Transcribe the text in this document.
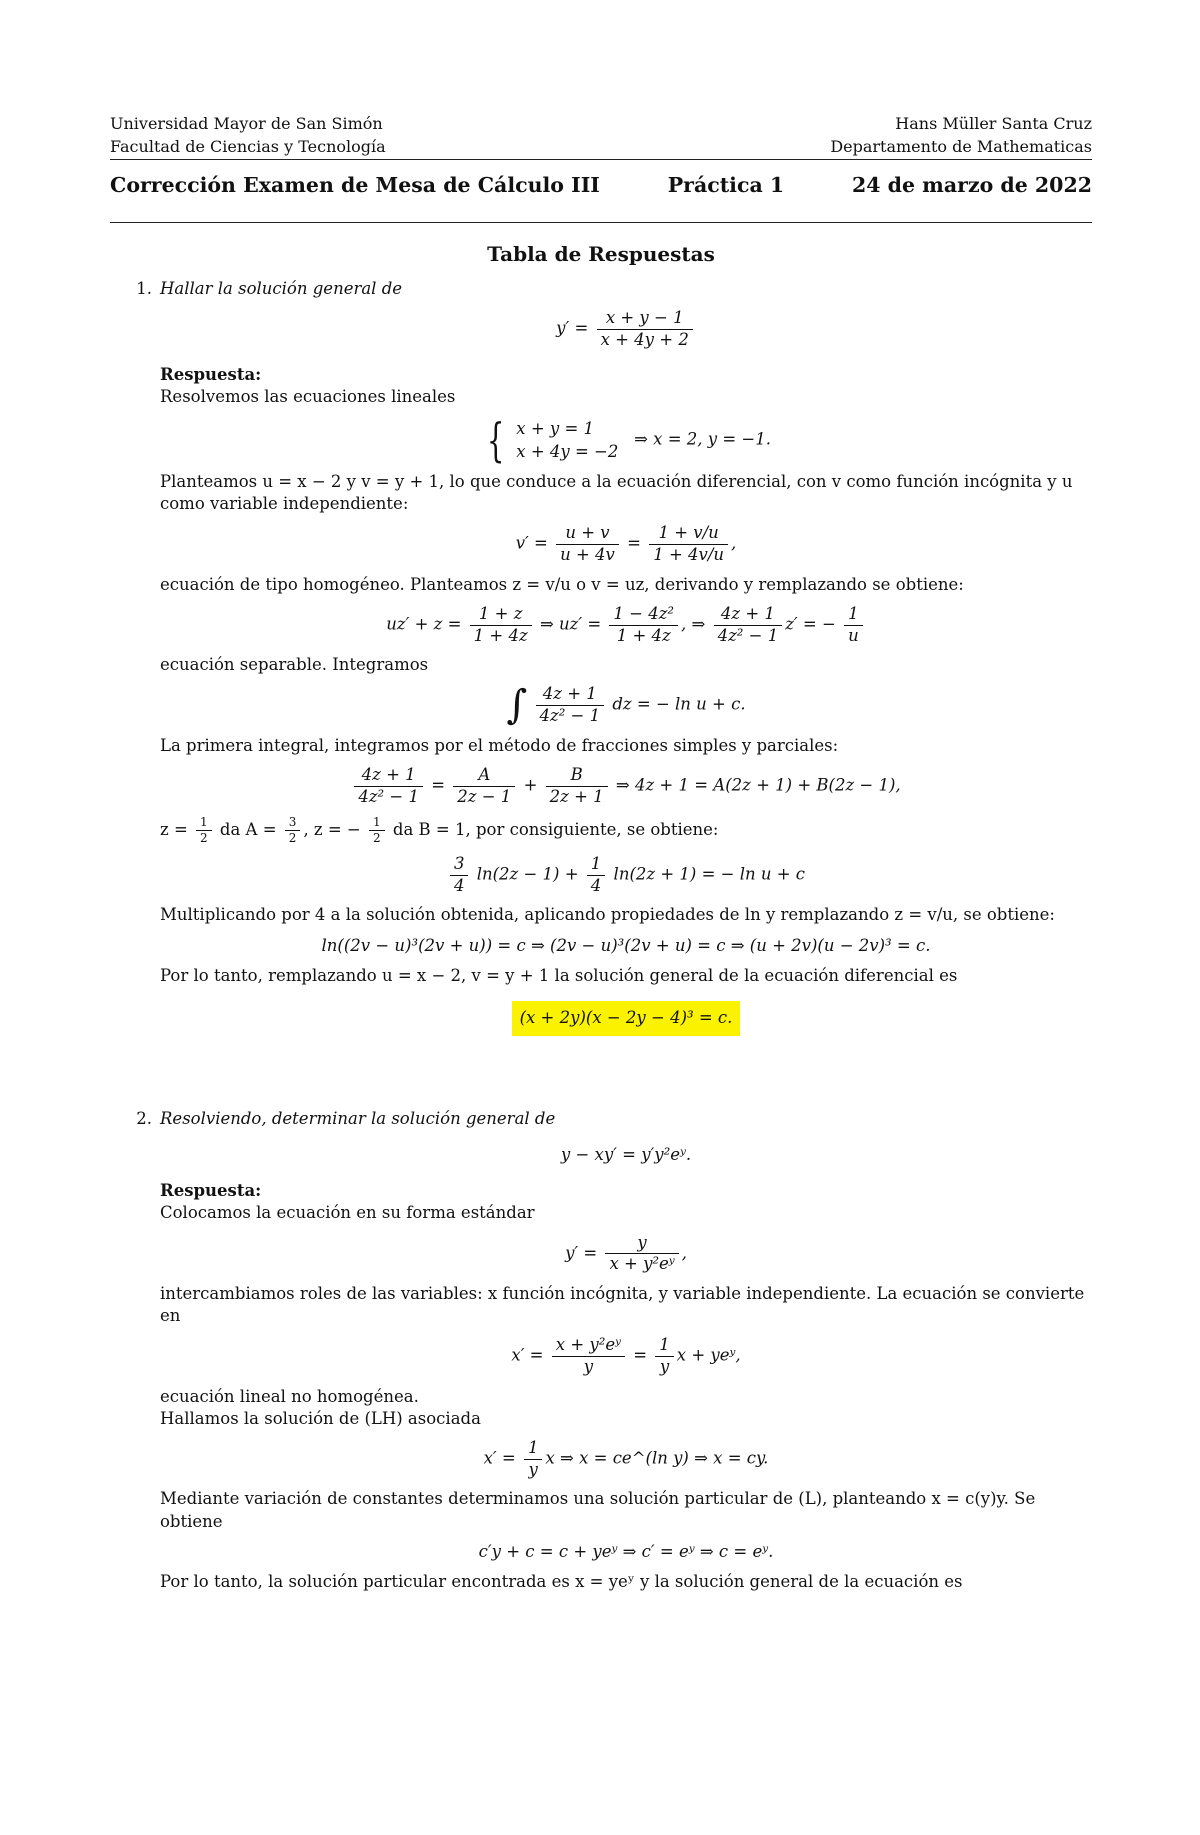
Universidad Mayor de San Simón
Facultad de Ciencias y Tecnología
Hans Müller Santa Cruz
Departamento de Mathematicas
Corrección Examen de Mesa de Cálculo III	Práctica 1	24 de marzo de 2022
Tabla de Respuestas
1. Hallar la solución general de
$y' = \frac{x + y - 1}{x + 4y + 2}$
Respuesta:

Resolvemos las ecuaciones lineales

{ x + y = 1
x + 4y = −2
⇒ x = 2, y = −1.

Planteamos u = x − 2 y v = y + 1, lo que conduce a la ecuación diferencial, con v como función incógnita y u como variable independiente:

$v' = \frac{u + v}{u + 4v} = \frac{1 + v/u}{1 + 4v/u}$ ,

ecuación de tipo homogéneo. Planteamos z = v/u o v = uz, derivando y remplazando se obtiene:

$uz' + z = \frac{1 + z}{1 + 4z}$ ⇒ $uz' = \frac{\text{1 − 4z²}}{1 + 4z}$ , ⇒ $\frac{4z + 1}{\text{4z² − 1}} z'$ = − $\frac{1}{u}$

ecuación separable. Integramos

∫ $\frac{4z + 1}{\text{4z² − 1}}$ dz = − ln u + c.

La primera integral, integramos por el método de fracciones simples y parciales:

$\frac{4z + 1}{\text{4z² − 1}} = \frac{A}{2z - 1} + \frac{B}{2z + 1}$ ⇒ 4z + 1 = A(2z + 1) + B(2z − 1),

$z = \frac{1}{2}$ da $A = \frac{3}{2}$ , z = − $\frac{1}{2}$ da B = 1, por consiguiente, se obtiene:

$\frac{3}{4} \ln(2z - 1) + \frac{1}{4} \ln(2z + 1)$ = − ln u + c

Multiplicando por 4 a la solución obtenida, aplicando propiedades de ln y remplazando z = v/u, se obtiene:

ln((2v − u)³(2v + u)) = c ⇒ (2v − u)³(2v + u) = c ⇒ (u + 2v)(u − 2v)³ = c.

Por lo tanto, remplazando u = x − 2, v = y + 1 la solución general de la ecuación diferencial es

(x + 2y)(x − 2y − 4)³ = c.
2. Resolviendo, determinar la solución general de
y − xy′ = y′y²eʸ.
Respuesta:

Colocamos la ecuación en su forma estándar

$y' = \frac{y}{\text{x + y²eʸ}}$ ,

intercambiamos roles de las variables: x función incógnita, y variable independiente. La ecuación se convierte en

$x' = \frac{\text{x + y²eʸ}}{y} = \frac{1}{y}$ x + yeʸ,

ecuación lineal no homogénea.

Hallamos la solución de (LH) asociada

$x' = \frac{1}{y}$ x ⇒ x = ce^(ln y) ⇒ x = cy.

Mediante variación de constantes determinamos una solución particular de (L), planteando x = c(y)y. Se obtiene

c′y + c = c + yeʸ ⇒ c′ = eʸ ⇒ c = eʸ.

Por lo tanto, la solución particular encontrada es x = yeʸ y la solución general de la ecuación es
